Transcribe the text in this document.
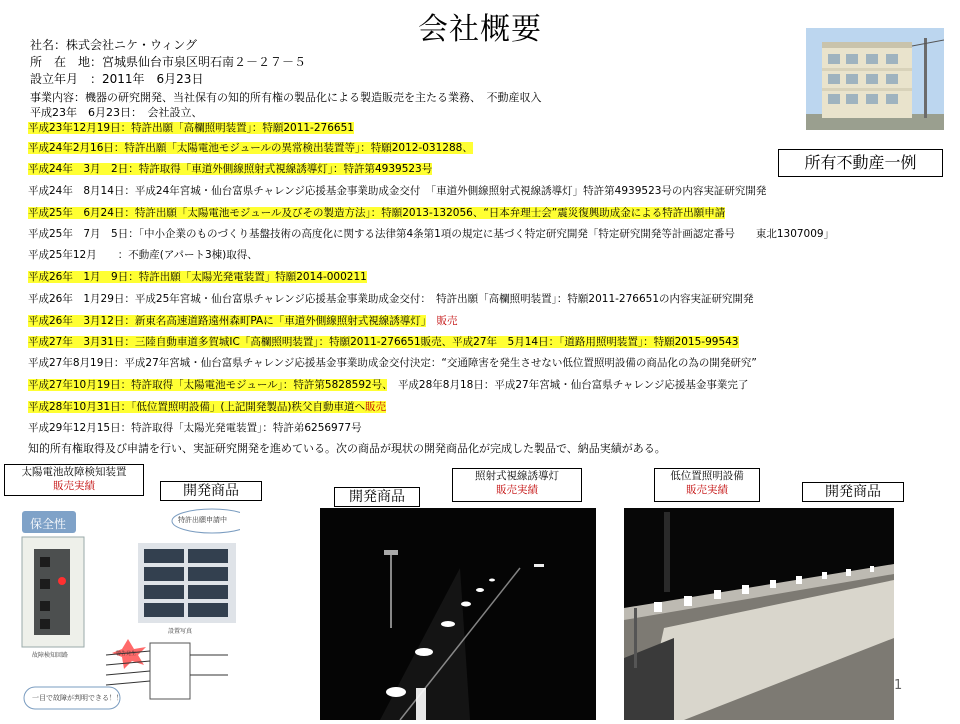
会社概要
社名：株式会社ニケ・ウィング
所　在　地：宮城県仙台市泉区明石南２－２７－５
設立年月　：2011年　6月23日
事業内容：機器の研究開発、当社保有の知的所有権の製品化による製造販売を主たる業務、　不動産収入
平成23年　6月23日：　会社設立、
平成23年12月19日：特許出願「高欄照明装置」：特願2011-276651
平成24年2月16日：特許出願「太陽電池モジュールの異常検出装置等」：特願2012-031288、
平成24年　3月　2日：特許取得「車道外側線照射式視線誘導灯」：特許第4939523号
平成24年　8月14日：平成24年宮城・仙台富県チャレンジ応援基金事業助成金交付　「車道外側線照射式視線誘導灯」特許第4939523号の内容実証研究開発
平成25年　6月24日：特許出願「太陽電池モジュール及びその製造方法」：特願2013-132056、“日本弁理士会”震災復興助成金による特許出願申請
平成25年　7月　5日：「中小企業のものづくり基盤技術の高度化に関する法律第4条第1項の規定に基づく特定研究開発「特定研究開発等計画認定番号　　東北1307009」
平成25年12月　　：不動産(アパート3棟)取得、
平成26年　1月　9日：特許出願「太陽光発電装置」特願2014-000211
平成26年　1月29日：平成25年宮城・仙台富県チャレンジ応援基金事業助成金交付：　特許出願「高欄照明装置」：特願2011-276651の内容実証研究開発
平成26年　3月12日：新東名高速道路遠州森町PAに「車道外側線照射式視線誘導灯」　 販売
平成27年　3月31日：三陸自動車道多賀城IC「高欄照明装置」：特願2011-276651販売、平成27年　5月14日：「道路用照明装置」：特願2015-99543
平成27年8月19日：平成27年宮城・仙台富県チャレンジ応援基金事業助成金交付決定：“交通障害を発生させない低位置照明設備の商品化の為の開発研究”
平成27年10月19日：特許取得「太陽電池モジュール」：特許第5828592号、　 平成28年8月18日：平成27年宮城・仙台富県チャレンジ応援基金事業完了
平成28年10月31日：「低位置照明設備」(上記開発製品)秩父自動車道へ販売
平成29年12月15日：特許取得「太陽光発電装置」：特許弟6256977号
知的所有権取得及び申請を行い、実証研究開発を進めている。次の商品が現状の開発商品化が完成した製品で、納品実績がある。
所有不動産一例
太陽電池故障検知装置
販売実績
照射式視線誘導灯
販売実績
低位置照明設備
販売実績
開発商品	開発商品	開発商品
保全性	特許出願申請中
故障検知回路
設置写真
警告発生
一目で故障が判明できる！！
1
